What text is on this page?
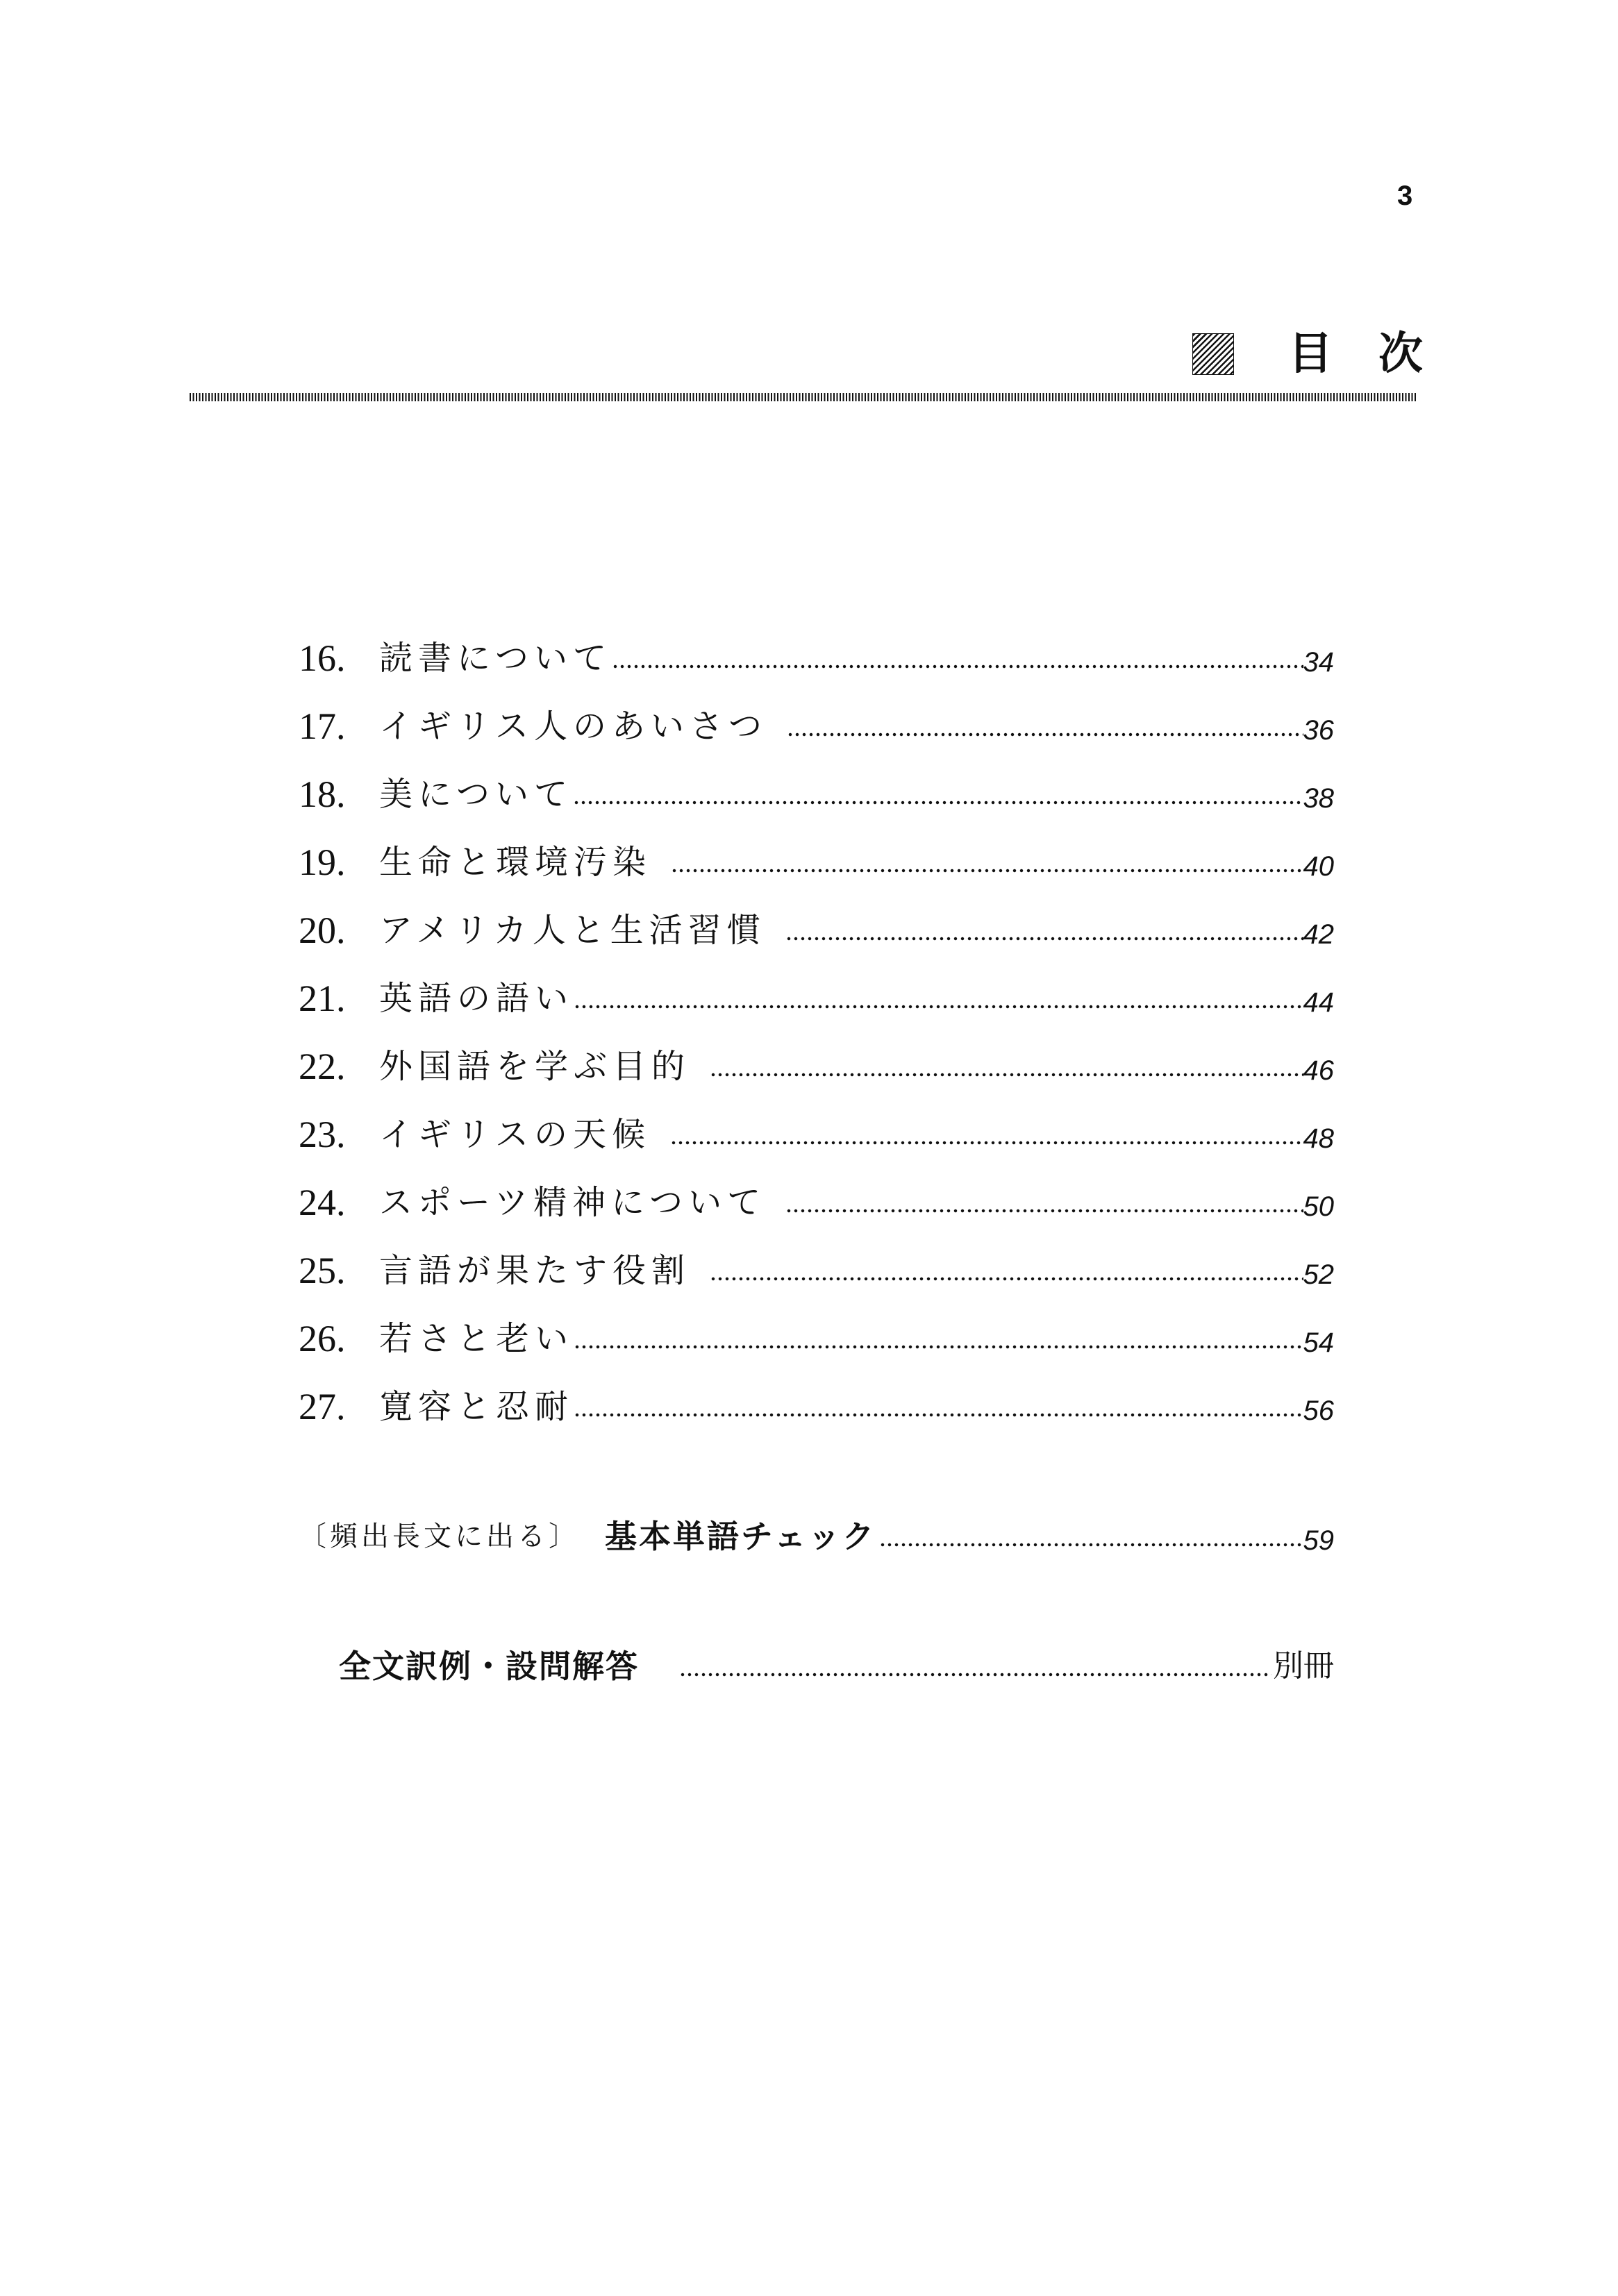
3
目次
16.	読書について	34
17.	イギリス人のあいさつ	36
18.	美について	38
19.	生命と環境汚染	40
20.	アメリカ人と生活習慣	42
21.	英語の語い	44
22.	外国語を学ぶ目的	46
23.	イギリスの天候	48
24.	スポーツ精神について	50
25.	言語が果たす役割	52
26.	若さと老い	54
27.	寛容と忍耐	56
〔頻出長文に出る〕 基本単語チェック	59
全文訳例・設問解答	別冊
